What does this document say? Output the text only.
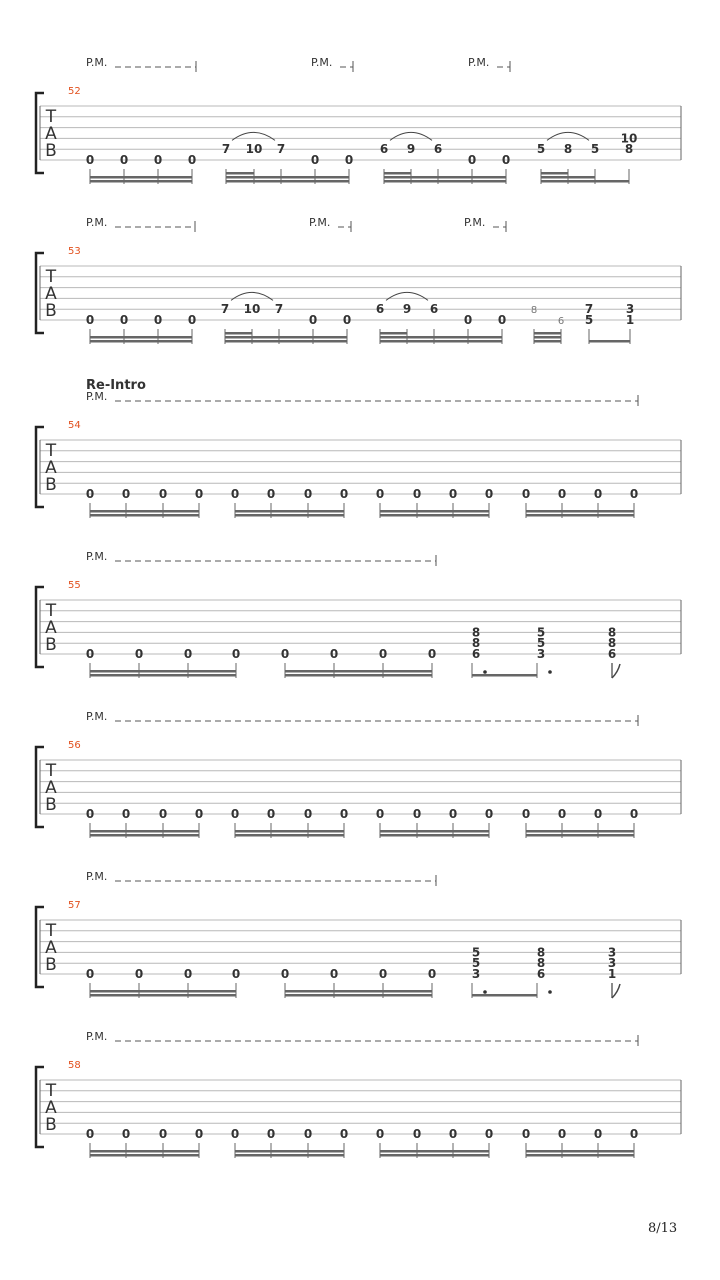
P.M.	P.M.	P.M.
52
T
A
B 0 0 0 0
7 10 7
0 0
6 9 6
0 0
5 8 5
10
8
P.M.	P.M.	P.M.
53
T
A
B 0 0 0 0
7 10 7
0 0
6 9 6
0 0
8
6
7
5
3
1
Re-Intro
P.M.
54
T
A
B 0 0 0 0 0 0 0 0 0 0 0 0 0 0 0 0
P.M.
55
T
A
B 0	0	0	0	0	0	0	0
8
8
6
5
5
3
8
8
6
P.M.
56
T
A
B 0 0 0 0 0 0 0 0 0 0 0 0 0 0 0 0
P.M.
57
T
A
B 0	0	0	0	0	0	0	0
5
5
3
8
8
6
3
3
1
P.M.
58
T
A
B 0 0 0 0 0 0 0 0 0 0 0 0 0 0 0 0
8/13
